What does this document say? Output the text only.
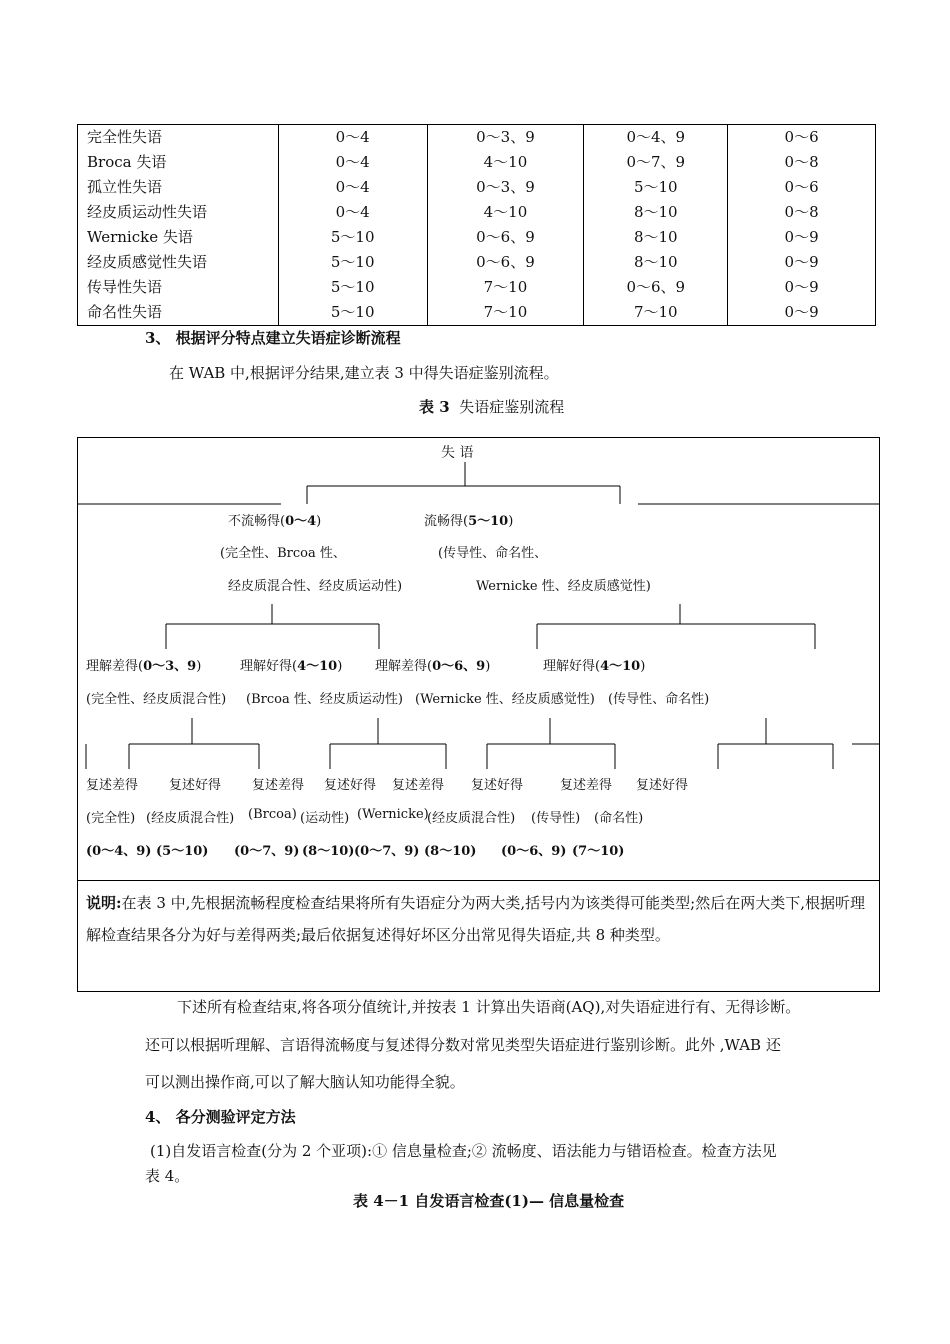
完全性失语	0～4	0～3、9	0～4、9	0～6
Broca 失语	0～4	4～10	0～7、9	0～8
孤立性失语	0～4	0～3、9	5～10	0～6
经皮质运动性失语	0～4	4～10	8～10	0～8
Wernicke 失语	5～10	0～6、9	8～10	0～9
经皮质感觉性失语	5～10	0～6、9	8～10	0～9
传导性失语	5～10	7～10	0～6、9	0～9
命名性失语	5～10	7～10	7～10	0～9
3、 根据评分特点建立失语症诊断流程
在 WAB 中,根据评分结果,建立表 3 中得失语症鉴别流程。
表 3 失语症鉴别流程
失 语
不流畅得(0～4)	流畅得(5～10)
(完全性、Brcoa 性、	(传导性、命名性、
经皮质混合性、经皮质运动性)	Wernicke 性、经皮质感觉性)
理解差得(0～3、9)	理解好得(4～10)	理解差得(0～6、9)	理解好得(4～10)
(完全性、经皮质混合性) (Brcoa 性、经皮质运动性) (Wernicke 性、经皮质感觉性) (传导性、命名性)
复述差得 复述好得 复述差得 复述好得 复述差得 复述好得	复述差得 复述好得
(完全性) (经皮质混合性) (Brcoa) (运动性) (Wernicke)
(经皮质混合性) (传导性) (命名性)
(0～4、9) (5～10) (0～7、9) (8～10) (0～7、9) (8～10) (0～6、9) (7～10)
说明:在表 3 中,先根据流畅程度检查结果将所有失语症分为两大类,括号内为该类得可能类型;然后在两大类下,根据听理解检查结果各分为好与差得两类;最后依据复述得好坏区分出常见得失语症,共 8 种类型。
下述所有检查结束,将各项分值统计,并按表 1 计算出失语商(AQ),对失语症进行有、无得诊断。
还可以根据听理解、言语得流畅度与复述得分数对常见类型失语症进行鉴别诊断。此外 ,WAB 还
可以测出操作商,可以了解大脑认知功能得全貌。
4、 各分测验评定方法
(1)自发语言检查(分为 2 个亚项):① 信息量检查;② 流畅度、语法能力与错语检查。检查方法见
表 4。
表 4－1 自发语言检查(1)— 信息量检查
